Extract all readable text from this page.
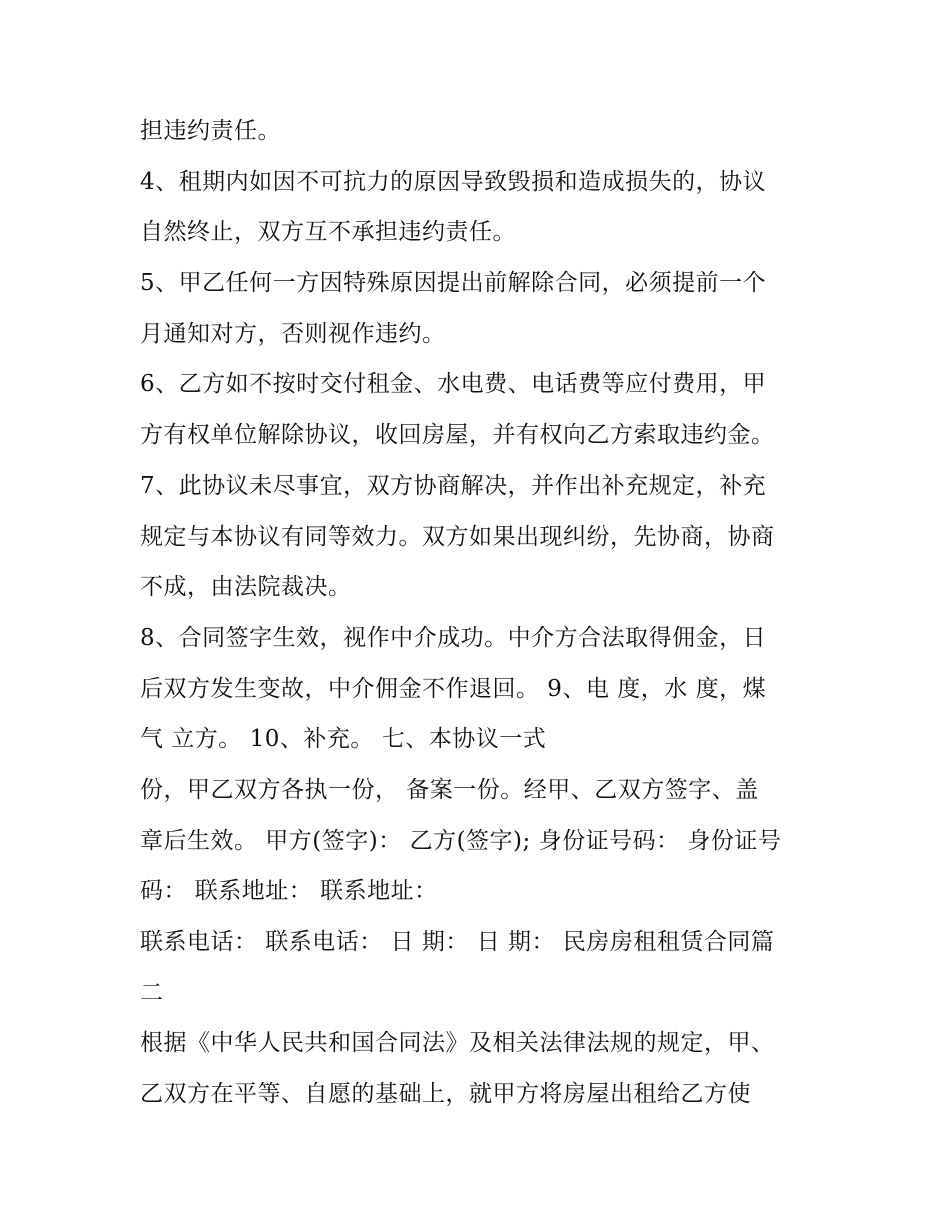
担违约责任。
4、租期内如因不可抗力的原因导致毁损和造成损失的，协议
自然终止，双方互不承担违约责任。
5、甲乙任何一方因特殊原因提出前解除合同，必须提前一个
月通知对方，否则视作违约。
6、乙方如不按时交付租金、水电费、电话费等应付费用，甲
方有权单位解除协议，收回房屋，并有权向乙方索取违约金。
7、此协议未尽事宜，双方协商解决，并作出补充规定，补充
规定与本协议有同等效力。双方如果出现纠纷，先协商，协商
不成，由法院裁决。
8、合同签字生效，视作中介成功。中介方合法取得佣金，日
后双方发生变故，中介佣金不作退回。 9、电 度，水 度，煤
气 立方。 10、补充。 七、本协议一式
份，甲乙双方各执一份， 备案一份。经甲、乙双方签字、盖
章后生效。 甲方(签字)： 乙方(签字); 身份证号码： 身份证号
码： 联系地址： 联系地址：
联系电话： 联系电话： 日 期： 日 期： 民房房租租赁合同篇
二
根据《中华人民共和国合同法》及相关法律法规的规定，甲、
乙双方在平等、自愿的基础上，就甲方将房屋出租给乙方使
